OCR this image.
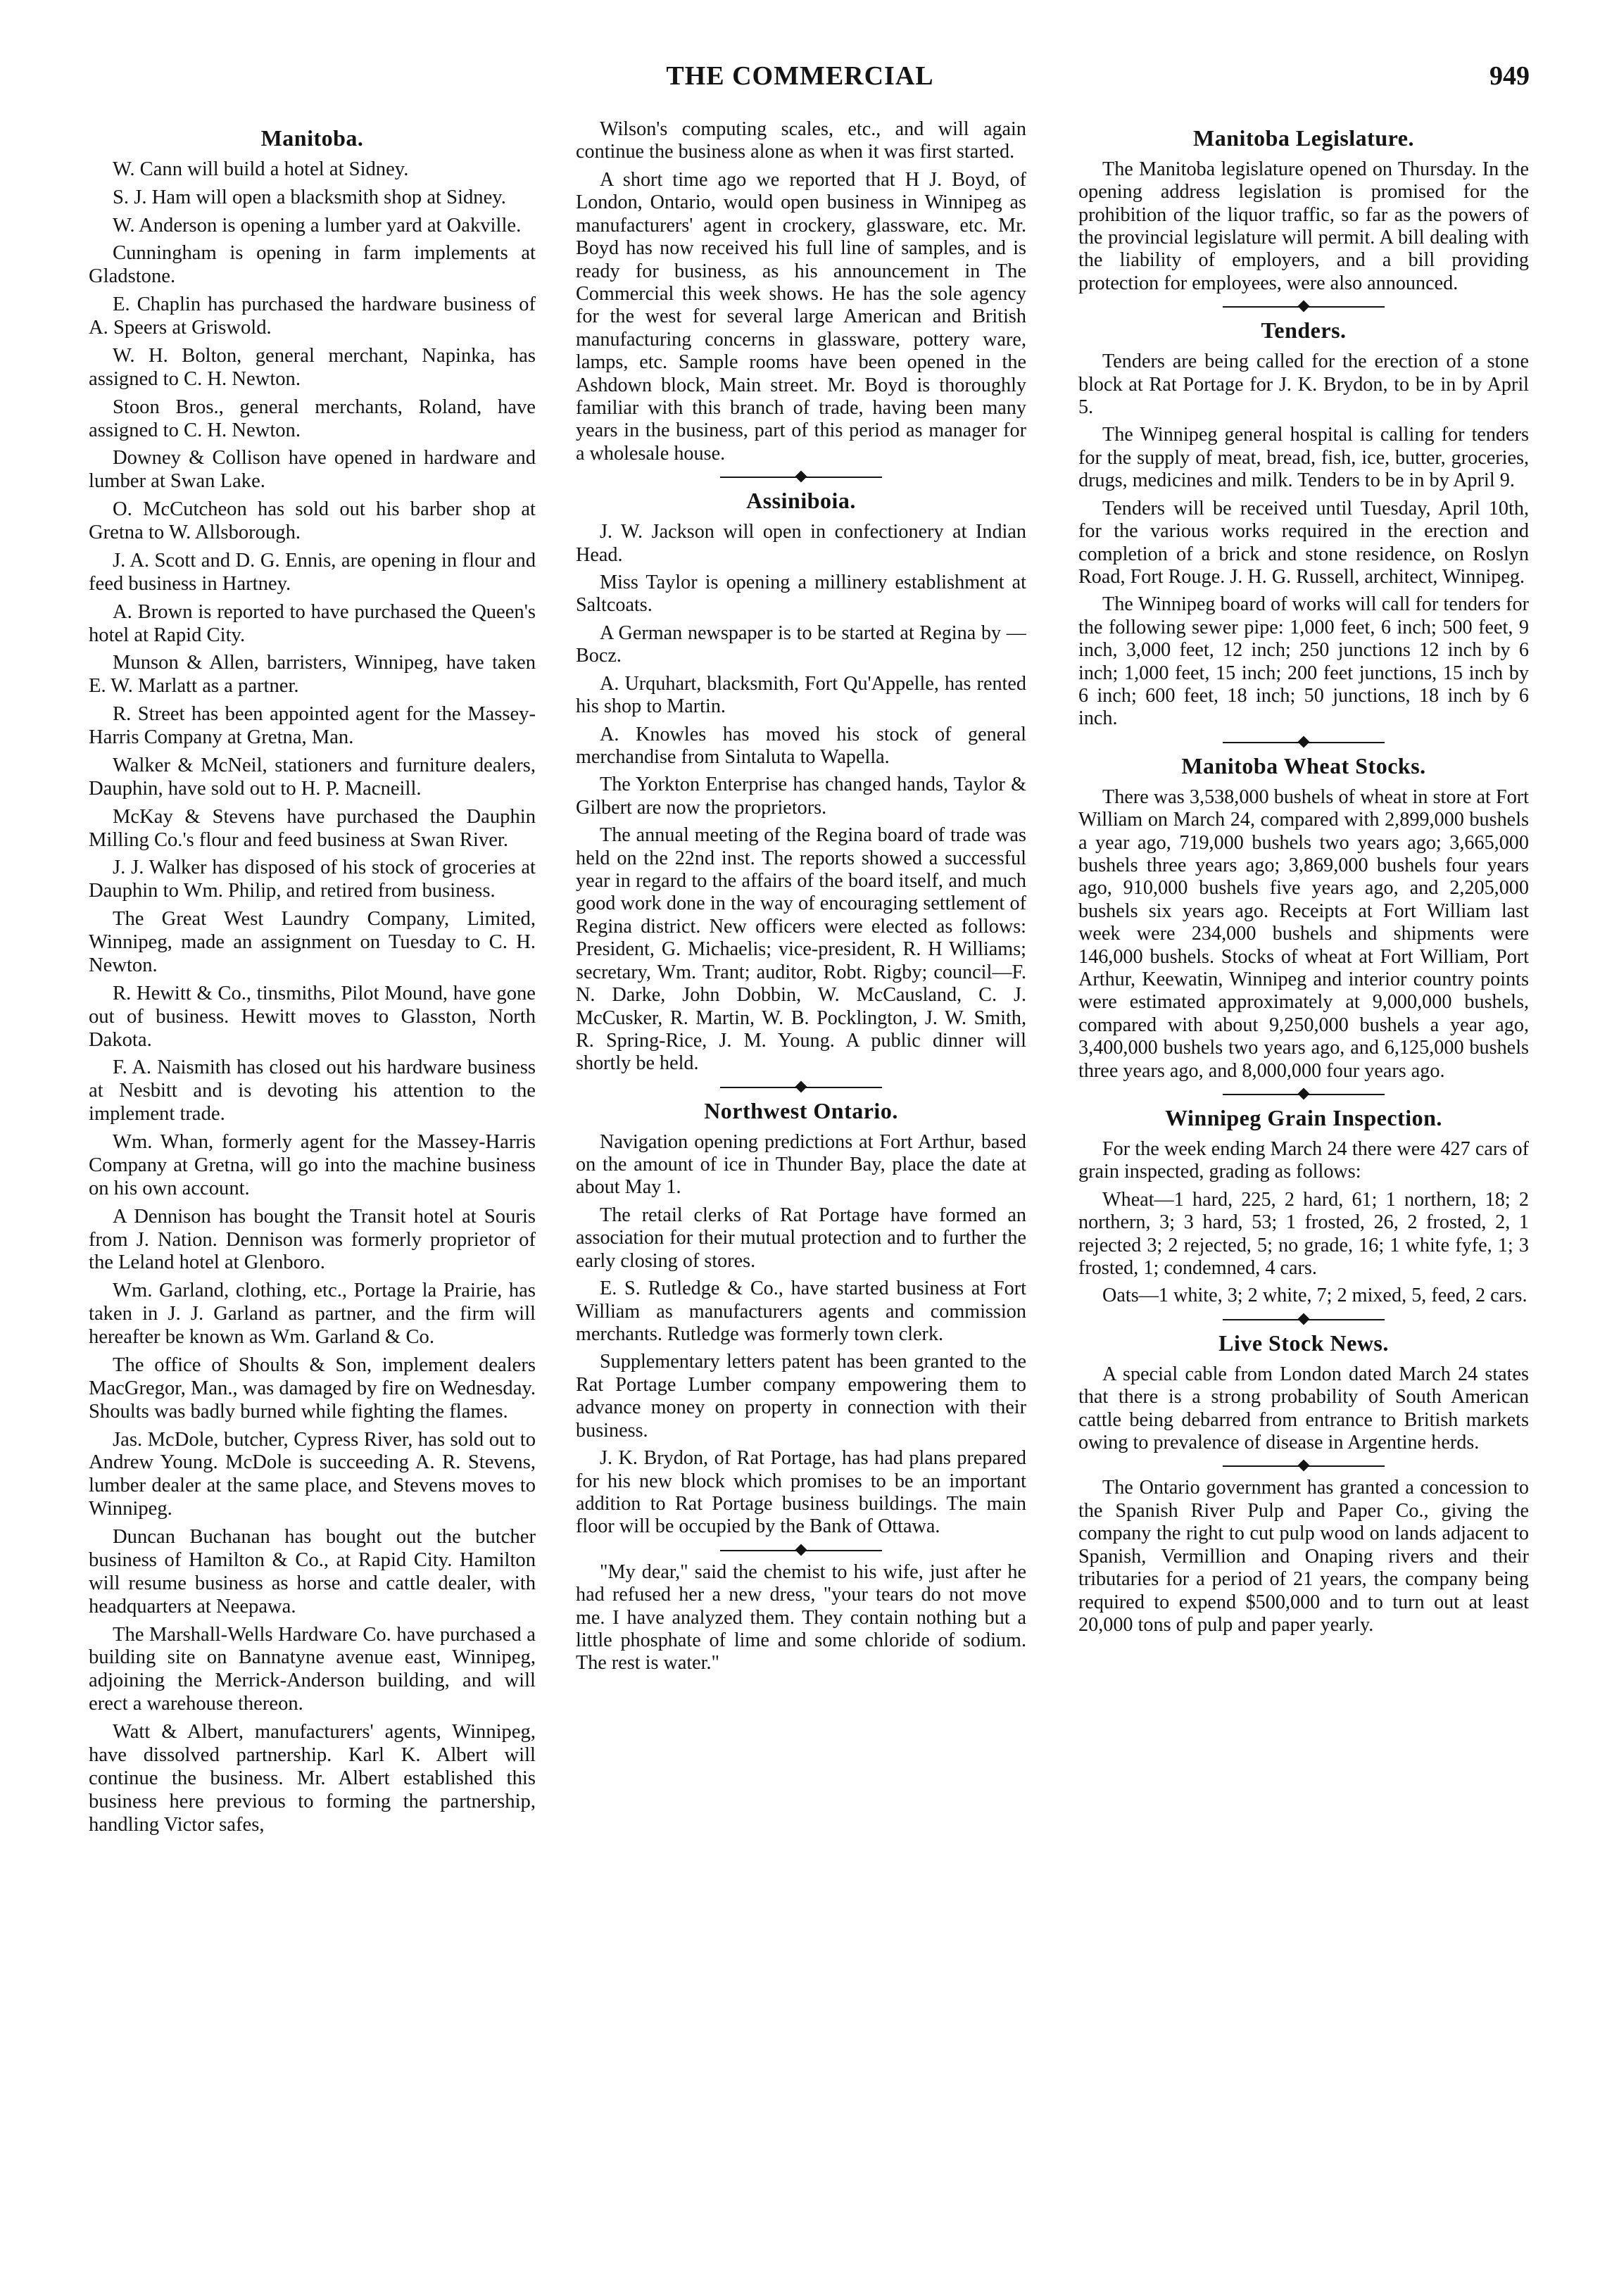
THE COMMERCIAL	949
Manitoba.

W. Cann will build a hotel at Sidney.

S. J. Ham will open a blacksmith shop at Sidney.

W. Anderson is opening a lumber yard at Oakville.

Cunningham is opening in farm implements at Gladstone.

E. Chaplin has purchased the hardware business of A. Speers at Griswold.

W. H. Bolton, general merchant, Napinka, has assigned to C. H. Newton.

Stoon Bros., general merchants, Roland, have assigned to C. H. Newton.

Downey & Collison have opened in hardware and lumber at Swan Lake.

O. McCutcheon has sold out his barber shop at Gretna to W. Allsborough.

J. A. Scott and D. G. Ennis, are opening in flour and feed business in Hartney.

A. Brown is reported to have purchased the Queen's hotel at Rapid City.

Munson & Allen, barristers, Winnipeg, have taken E. W. Marlatt as a partner.

R. Street has been appointed agent for the Massey-Harris Company at Gretna, Man.

Walker & McNeil, stationers and furniture dealers, Dauphin, have sold out to H. P. Macneill.

McKay & Stevens have purchased the Dauphin Milling Co.'s flour and feed business at Swan River.

J. J. Walker has disposed of his stock of groceries at Dauphin to Wm. Philip, and retired from business.

The Great West Laundry Company, Limited, Winnipeg, made an assignment on Tuesday to C. H. Newton.

R. Hewitt & Co., tinsmiths, Pilot Mound, have gone out of business. Hewitt moves to Glasston, North Dakota.

F. A. Naismith has closed out his hardware business at Nesbitt and is devoting his attention to the implement trade.

Wm. Whan, formerly agent for the Massey-Harris Company at Gretna, will go into the machine business on his own account.

A Dennison has bought the Transit hotel at Souris from J. Nation. Dennison was formerly proprietor of the Leland hotel at Glenboro.

Wm. Garland, clothing, etc., Portage la Prairie, has taken in J. J. Garland as partner, and the firm will hereafter be known as Wm. Garland & Co.

The office of Shoults & Son, implement dealers MacGregor, Man., was damaged by fire on Wednesday. Shoults was badly burned while fighting the flames.

Jas. McDole, butcher, Cypress River, has sold out to Andrew Young. McDole is succeeding A. R. Stevens, lumber dealer at the same place, and Stevens moves to Winnipeg.

Duncan Buchanan has bought out the butcher business of Hamilton & Co., at Rapid City. Hamilton will resume business as horse and cattle dealer, with headquarters at Neepawa.

The Marshall-Wells Hardware Co. have purchased a building site on Bannatyne avenue east, Winnipeg, adjoining the Merrick-Anderson building, and will erect a warehouse thereon.

Watt & Albert, manufacturers' agents, Winnipeg, have dissolved partnership. Karl K. Albert will continue the business. Mr. Albert established this business here previous to forming the partnership, handling Victor safes,

Wilson's computing scales, etc., and will again continue the business alone as when it was first started.

A short time ago we reported that H J. Boyd, of London, Ontario, would open business in Winnipeg as manufacturers' agent in crockery, glassware, etc. Mr. Boyd has now received his full line of samples, and is ready for business, as his announcement in The Commercial this week shows. He has the sole agency for the west for several large American and British manufacturing concerns in glassware, pottery ware, lamps, etc. Sample rooms have been opened in the Ashdown block, Main street. Mr. Boyd is thoroughly familiar with this branch of trade, having been many years in the business, part of this period as manager for a wholesale house.

Assiniboia.

J. W. Jackson will open in confectionery at Indian Head.

Miss Taylor is opening a millinery establishment at Saltcoats.

A German newspaper is to be started at Regina by — Bocz.

A. Urquhart, blacksmith, Fort Qu'Appelle, has rented his shop to Martin.

A. Knowles has moved his stock of general merchandise from Sintaluta to Wapella.

The Yorkton Enterprise has changed hands, Taylor & Gilbert are now the proprietors.

The annual meeting of the Regina board of trade was held on the 22nd inst. The reports showed a successful year in regard to the affairs of the board itself, and much good work done in the way of encouraging settlement of Regina district. New officers were elected as follows: President, G. Michaelis; vice-president, R. H Williams; secretary, Wm. Trant; auditor, Robt. Rigby; council—F. N. Darke, John Dobbin, W. McCausland, C. J. McCusker, R. Martin, W. B. Pocklington, J. W. Smith, R. Spring-Rice, J. M. Young. A public dinner will shortly be held.

Northwest Ontario.

Navigation opening predictions at Fort Arthur, based on the amount of ice in Thunder Bay, place the date at about May 1.

The retail clerks of Rat Portage have formed an association for their mutual protection and to further the early closing of stores.

E. S. Rutledge & Co., have started business at Fort William as manufacturers agents and commission merchants. Rutledge was formerly town clerk.

Supplementary letters patent has been granted to the Rat Portage Lumber company empowering them to advance money on property in connection with their business.

J. K. Brydon, of Rat Portage, has had plans prepared for his new block which promises to be an important addition to Rat Portage business buildings. The main floor will be occupied by the Bank of Ottawa.

"My dear," said the chemist to his wife, just after he had refused her a new dress, "your tears do not move me. I have analyzed them. They contain nothing but a little phosphate of lime and some chloride of sodium. The rest is water."

Manitoba Legislature.

The Manitoba legislature opened on Thursday. In the opening address legislation is promised for the prohibition of the liquor traffic, so far as the powers of the provincial legislature will permit. A bill dealing with the liability of employers, and a bill providing protection for employees, were also announced.

Tenders.

Tenders are being called for the erection of a stone block at Rat Portage for J. K. Brydon, to be in by April 5.

The Winnipeg general hospital is calling for tenders for the supply of meat, bread, fish, ice, butter, groceries, drugs, medicines and milk. Tenders to be in by April 9.

Tenders will be received until Tuesday, April 10th, for the various works required in the erection and completion of a brick and stone residence, on Roslyn Road, Fort Rouge. J. H. G. Russell, architect, Winnipeg.

The Winnipeg board of works will call for tenders for the following sewer pipe: 1,000 feet, 6 inch; 500 feet, 9 inch, 3,000 feet, 12 inch; 250 junctions 12 inch by 6 inch; 1,000 feet, 15 inch; 200 feet junctions, 15 inch by 6 inch; 600 feet, 18 inch; 50 junctions, 18 inch by 6 inch.

Manitoba Wheat Stocks.

There was 3,538,000 bushels of wheat in store at Fort William on March 24, compared with 2,899,000 bushels a year ago, 719,000 bushels two years ago; 3,665,000 bushels three years ago; 3,869,000 bushels four years ago, 910,000 bushels five years ago, and 2,205,000 bushels six years ago. Receipts at Fort William last week were 234,000 bushels and shipments were 146,000 bushels. Stocks of wheat at Fort William, Port Arthur, Keewatin, Winnipeg and interior country points were estimated approximately at 9,000,000 bushels, compared with about 9,250,000 bushels a year ago, 3,400,000 bushels two years ago, and 6,125,000 bushels three years ago, and 8,000,000 four years ago.

Winnipeg Grain Inspection.

For the week ending March 24 there were 427 cars of grain inspected, grading as follows:

Wheat—1 hard, 225, 2 hard, 61; 1 northern, 18; 2 northern, 3; 3 hard, 53; 1 frosted, 26, 2 frosted, 2, 1 rejected 3; 2 rejected, 5; no grade, 16; 1 white fyfe, 1; 3 frosted, 1; condemned, 4 cars.

Oats—1 white, 3; 2 white, 7; 2 mixed, 5, feed, 2 cars.

Live Stock News.

A special cable from London dated March 24 states that there is a strong probability of South American cattle being debarred from entrance to British markets owing to prevalence of disease in Argentine herds.

The Ontario government has granted a concession to the Spanish River Pulp and Paper Co., giving the company the right to cut pulp wood on lands adjacent to Spanish, Vermillion and Onaping rivers and their tributaries for a period of 21 years, the company being required to expend $500,000 and to turn out at least 20,000 tons of pulp and paper yearly.
